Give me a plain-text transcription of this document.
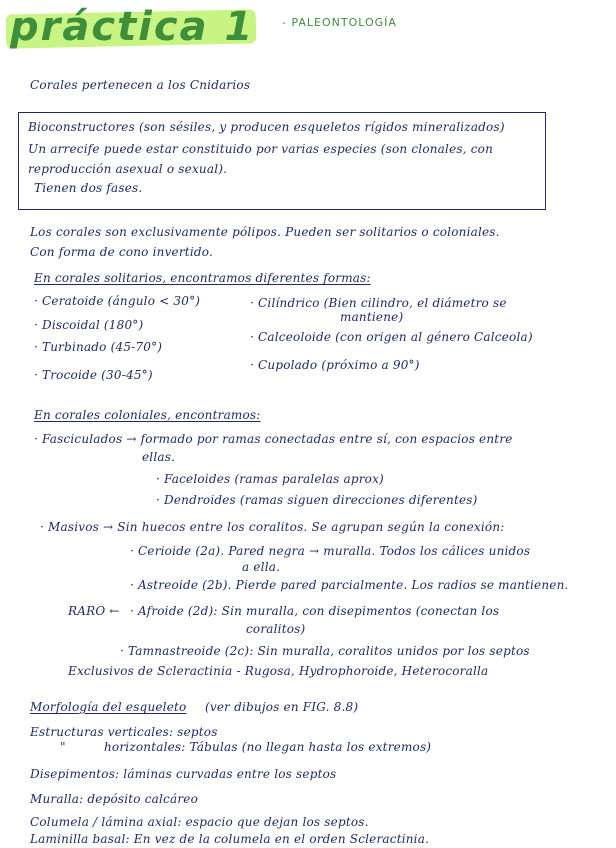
práctica 1	- PALEONTOLOGÍA
Corales pertenecen a los Cnidarios
Bioconstructores (son sésiles, y producen esqueletos rígidos mineralizados)
Un arrecife puede estar constituido por varias especies (son clonales, con
reproducción asexual o sexual).
Tienen dos fases.
Los corales son exclusivamente pólipos. Pueden ser solitarios o coloniales.
Con forma de cono invertido.
En corales solitarios, encontramos diferentes formas:
· Ceratoide (ángulo < 30°)
· Discoidal (180°)
· Turbinado (45-70°)
· Trocoide (30-45°)
· Cilíndrico (Bien cilindro, el diámetro se
mantiene)
· Calceoloide (con origen al género Calceola)
· Cupolado (próximo a 90°)
En corales coloniales, encontramos:
· Fasciculados → formado por ramas conectadas entre sí, con espacios entre
ellas.
· Faceloides (ramas paralelas aprox)
· Dendroides (ramas siguen direcciones diferentes)
· Masivos → Sin huecos entre los coralitos. Se agrupan según la conexión:
· Cerioide (2a). Pared negra → muralla. Todos los cálices unidos
a ella.
· Astreoide (2b). Pierde pared parcialmente. Los radios se mantienen.
RARO ← · Afroide (2d): Sin muralla, con disepimentos (conectan los
coralitos)
· Tamnastreoide (2c): Sin muralla, coralitos unidos por los septos
Exclusivos de Scleractinia - Rugosa, Hydrophoroide, Heterocoralla
Morfología del esqueleto (ver dibujos en FIG. 8.8)
Estructuras verticales: septos
"	horizontales: Tábulas (no llegan hasta los extremos)
Disepimentos: láminas curvadas entre los septos
Muralla: depósito calcáreo
Columela / lámina axial: espacio que dejan los septos.
Laminilla basal: En vez de la columela en el orden Scleractinia.
